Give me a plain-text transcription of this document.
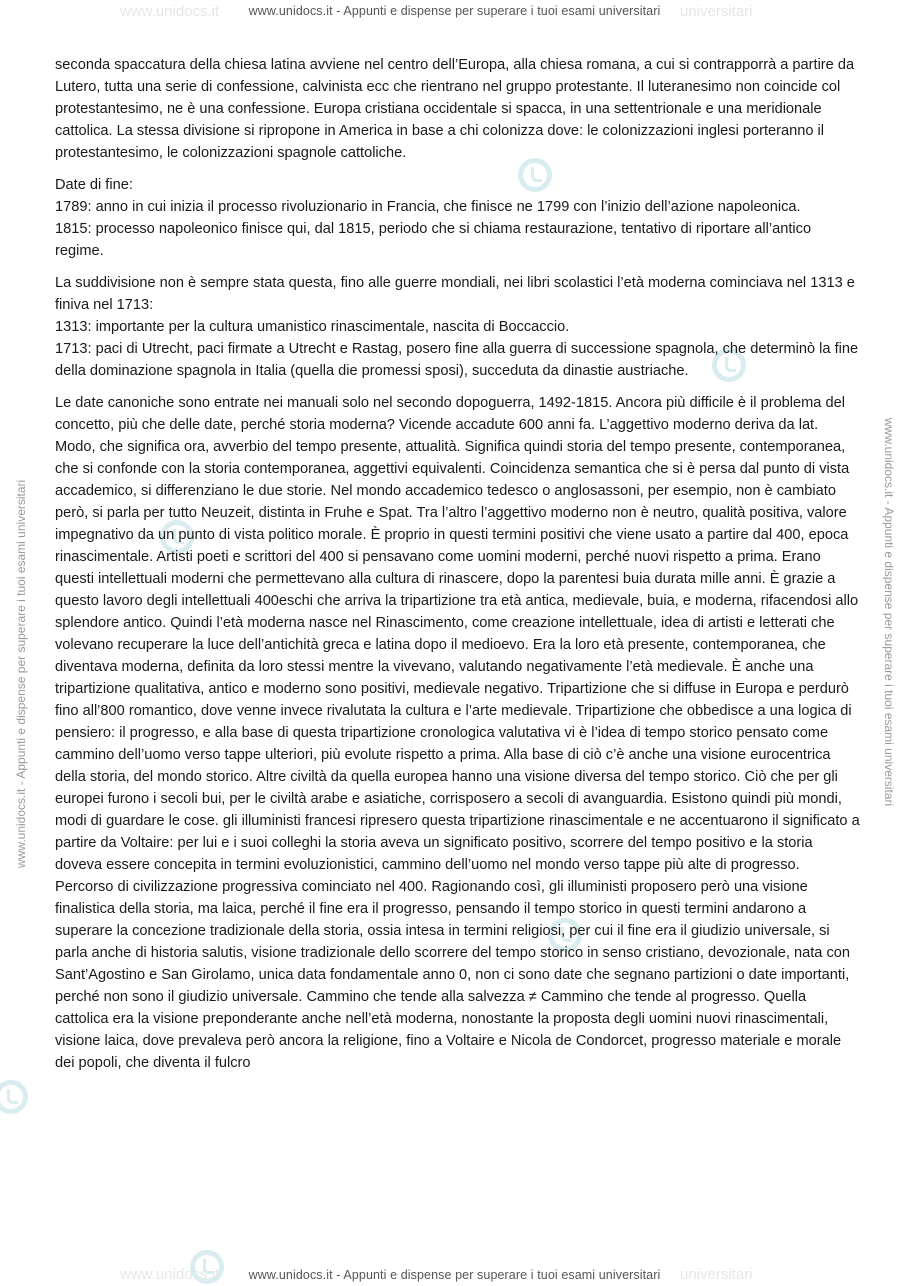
www.unidocs.it	universitari
www.unidocs.it	universitari
www.unidocs.it - Appunti e dispense per superare i tuoi esami universitari
www.unidocs.it - Appunti e dispense per superare i tuoi esami universitari	www.unidocs.it - Appunti e dispense per superare i tuoi esami universitari

seconda spaccatura della chiesa latina avviene nel centro dell’Europa, alla chiesa romana, a cui si contrapporrà a partire da Lutero, tutta una serie di confessione, calvinista ecc che rientrano nel gruppo protestante. Il luteranesimo non coincide col protestantesimo, ne è una confessione. Europa cristiana occidentale si spacca, in una settentrionale e una meridionale cattolica. La stessa divisione si ripropone in America in base a chi colonizza dove: le colonizzazioni inglesi porteranno il protestantesimo, le colonizzazioni spagnole cattoliche.

Date di fine:
1789: anno in cui inizia il processo rivoluzionario in Francia, che finisce ne 1799 con l’inizio dell’azione napoleonica.
1815: processo napoleonico finisce qui, dal 1815, periodo che si chiama restaurazione, tentativo di riportare all’antico regime.

La suddivisione non è sempre stata questa, fino alle guerre mondiali, nei libri scolastici l’età moderna cominciava nel 1313 e finiva nel 1713:
1313: importante per la cultura umanistico rinascimentale, nascita di Boccaccio.
1713: paci di Utrecht, paci firmate a Utrecht e Rastag, posero fine alla guerra di successione spagnola, che determinò la fine della dominazione spagnola in Italia (quella die promessi sposi), succeduta da dinastie austriache.

Le date canoniche sono entrate nei manuali solo nel secondo dopoguerra, 1492-1815. Ancora più difficile è il problema del concetto, più che delle date, perché storia moderna? Vicende accadute 600 anni fa. L’aggettivo moderno deriva da lat. Modo, che significa ora, avverbio del tempo presente, attualità. Significa quindi storia del tempo presente, contemporanea, che si confonde con la storia contemporanea, aggettivi equivalenti. Coincidenza semantica che si è persa dal punto di vista accademico, si differenziano le due storie. Nel mondo accademico tedesco o anglosassoni, per esempio, non è cambiato però, si parla per tutto Neuzeit, distinta in Fruhe e Spat. Tra l’altro l’aggettivo moderno non è neutro, qualità positiva, valore impegnativo da un punto di vista politico morale. È proprio in questi termini positivi che viene usato a partire dal 400, epoca rinascimentale. Artisti poeti e scrittori del 400 si pensavano come uomini moderni, perché nuovi rispetto a prima. Erano questi intellettuali moderni che permettevano alla cultura di rinascere, dopo la parentesi buia durata mille anni. È grazie a questo lavoro degli intellettuali 400eschi che arriva la tripartizione tra età antica, medievale, buia, e moderna, rifacendosi allo splendore antico. Quindi l’età moderna nasce nel Rinascimento, come creazione intellettuale, idea di artisti e letterati che volevano recuperare la luce dell’antichità greca e latina dopo il medioevo. Era la loro età presente, contemporanea, che diventava moderna, definita da loro stessi mentre la vivevano, valutando negativamente l’età medievale. È anche una tripartizione qualitativa, antico e moderno sono positivi, medievale negativo. Tripartizione che si diffuse in Europa e perdurò fino all’800 romantico, dove venne invece rivalutata la cultura e l’arte medievale. Tripartizione che obbedisce a una logica di pensiero: il progresso, e alla base di questa tripartizione cronologica valutativa vi è l’idea di tempo storico pensato come cammino dell’uomo verso tappe ulteriori, più evolute rispetto a prima. Alla base di ciò c’è anche una visione eurocentrica della storia, del mondo storico. Altre civiltà da quella europea hanno una visione diversa del tempo storico. Ciò che per gli europei furono i secoli bui, per le civiltà arabe e asiatiche, corrisposero a secoli di avanguardia. Esistono quindi più mondi, modi di guardare le cose. gli illuministi francesi ripresero questa tripartizione rinascimentale e ne accentuarono il significato a partire da Voltaire: per lui e i suoi colleghi la storia aveva un significato positivo, scorrere del tempo positivo e la storia doveva essere concepita in termini evoluzionistici, cammino dell’uomo nel mondo verso tappe più alte di progresso. Percorso di civilizzazione progressiva cominciato nel 400. Ragionando così, gli illuministi proposero però una visione finalistica della storia, ma laica, perché il fine era il progresso, pensando il tempo storico in questi termini andarono a superare la concezione tradizionale della storia, ossia intesa in termini religiosi, per cui il fine era il giudizio universale, si parla anche di historia salutis, visione tradizionale dello scorrere del tempo storico in senso cristiano, devozionale, nata con Sant’Agostino e San Girolamo, unica data fondamentale anno 0, non ci sono date che segnano partizioni o date importanti, perché non sono il giudizio universale. Cammino che tende alla salvezza ≠ Cammino che tende al progresso. Quella cattolica era la visione preponderante anche nell’età moderna, nonostante la proposta degli uomini nuovi rinascimentali, visione laica, dove prevaleva però ancora la religione, fino a Voltaire e Nicola de Condorcet, progresso materiale e morale dei popoli, che diventa il fulcro

www.unidocs.it - Appunti e dispense per superare i tuoi esami universitari
